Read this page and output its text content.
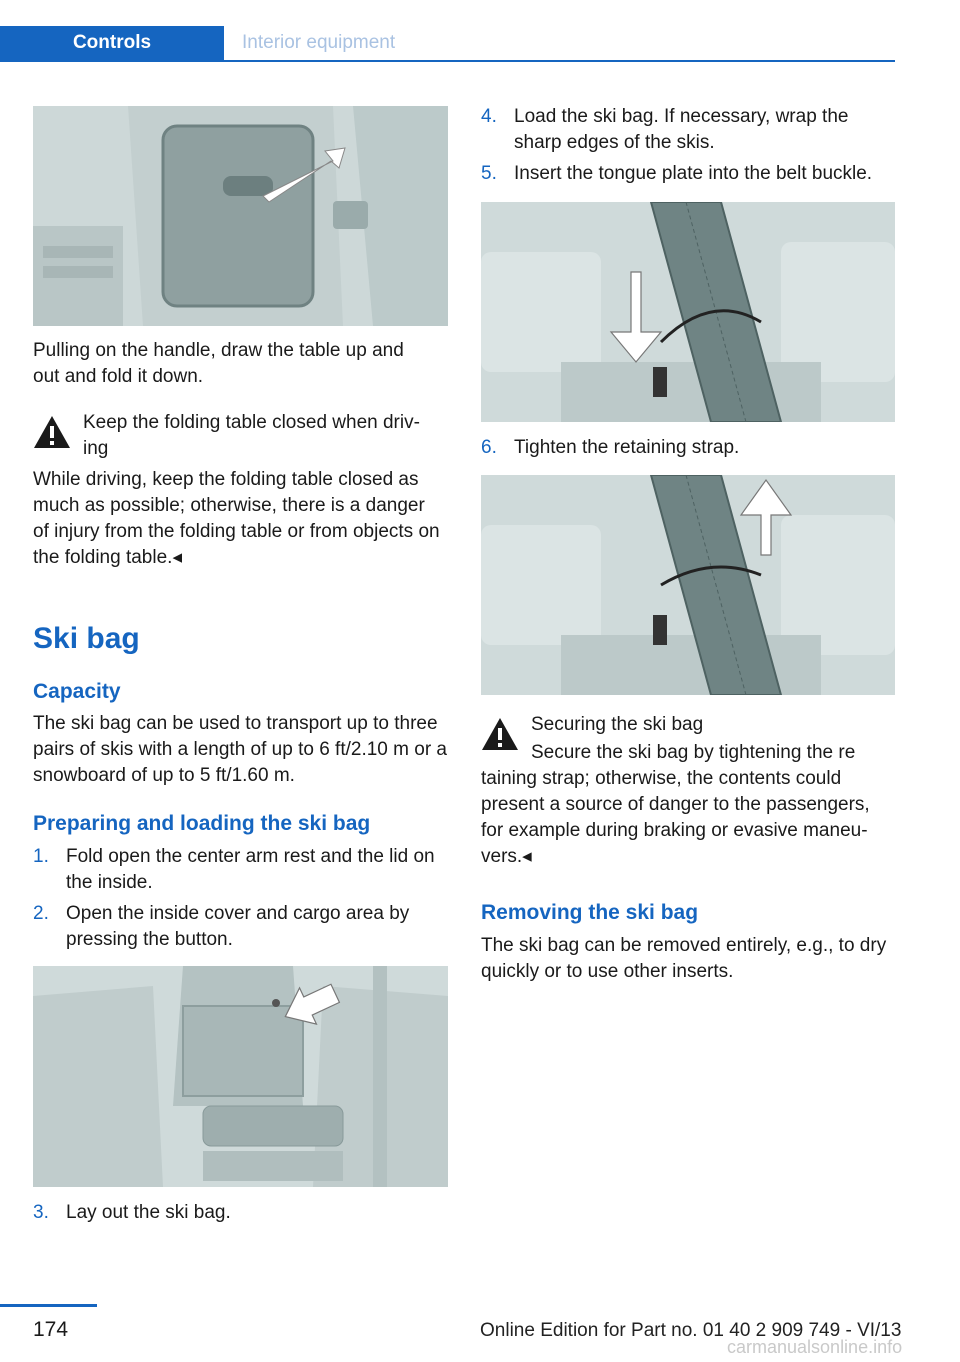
Controls	Interior equipment

Pulling on the handle, draw the table up and out and fold it down.

Keep the folding table closed when driving

While driving, keep the folding table closed as much as possible; otherwise, there is a danger of injury from the folding table or from objects on the folding table.◂

Ski bag
Capacity

The ski bag can be used to transport up to three pairs of skis with a length of up to 6 ft/2.10 m or a snowboard of up to 5 ft/1.60 m.

Preparing and loading the ski bag
1. Fold open the center arm rest and the lid on the inside.
2. Open the inside cover and cargo area by pressing the button.
3. Lay out the ski bag.
4. Load the ski bag. If necessary, wrap the sharp edges of the skis.
5. Insert the tongue plate into the belt buckle.
6. Tighten the retaining strap.

Securing the ski bag

Secure the ski bag by tightening the re

taining strap; otherwise, the contents could present a source of danger to the passengers, for example during braking or evasive maneuvers.◂

Removing the ski bag

The ski bag can be removed entirely, e.g., to dry quickly or to use other inserts.

174	Online Edition for Part no. 01 40 2 909 749 - VI/13
carmanualsonline.info
